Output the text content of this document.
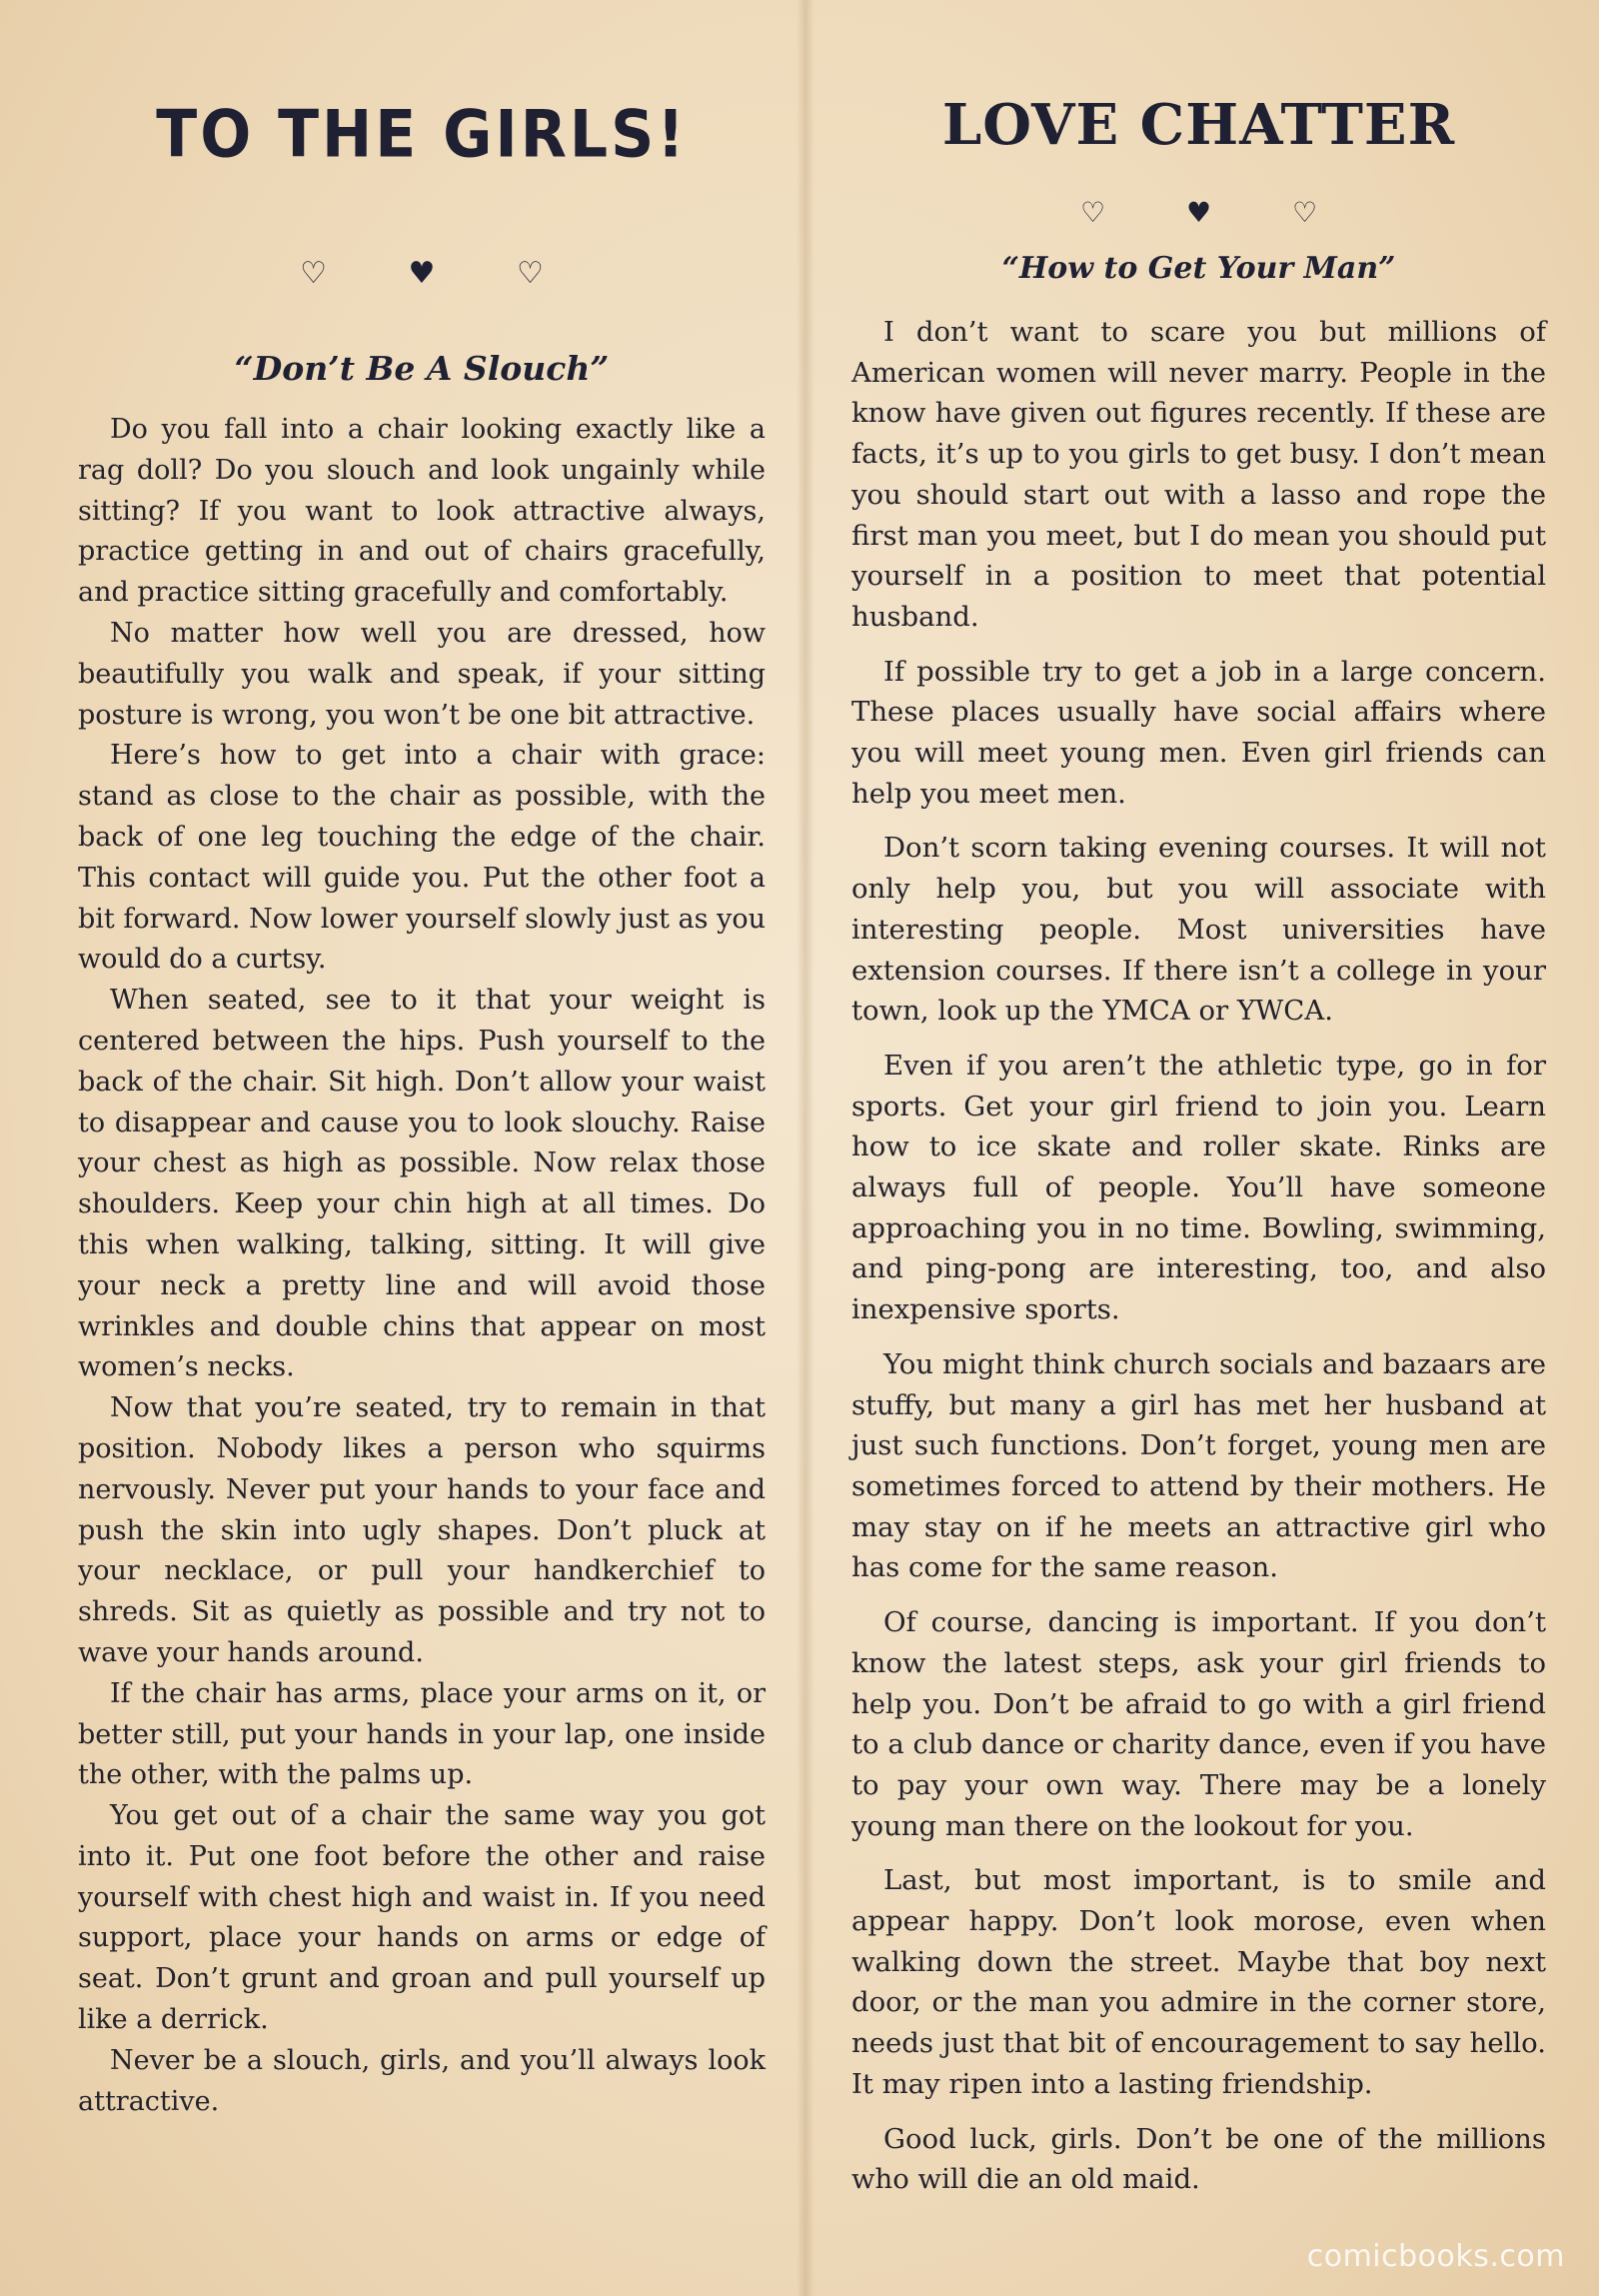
TO THE GIRLS!
♡ ♥ ♡
“Don’t Be A Slouch”

Do you fall into a chair looking exactly like a rag doll? Do you slouch and look ungainly while sitting? If you want to look attractive always, practice getting in and out of chairs gracefully, and practice sitting gracefully and comfortably.

No matter how well you are dressed, how beautifully you walk and speak, if your sitting posture is wrong, you won’t be one bit attractive.

Here’s how to get into a chair with grace: stand as close to the chair as possible, with the back of one leg touching the edge of the chair. This contact will guide you. Put the other foot a bit forward. Now lower yourself slowly just as you would do a curtsy.

When seated, see to it that your weight is centered between the hips. Push yourself to the back of the chair. Sit high. Don’t allow your waist to disappear and cause you to look slouchy. Raise your chest as high as possible. Now relax those shoulders. Keep your chin high at all times. Do this when walking, talking, sitting. It will give your neck a pretty line and will avoid those wrinkles and double chins that appear on most women’s necks.

Now that you’re seated, try to remain in that position. Nobody likes a person who squirms nervously. Never put your hands to your face and push the skin into ugly shapes. Don’t pluck at your necklace, or pull your handkerchief to shreds. Sit as quietly as possible and try not to wave your hands around.

If the chair has arms, place your arms on it, or better still, put your hands in your lap, one inside the other, with the palms up.

You get out of a chair the same way you got into it. Put one foot before the other and raise yourself with chest high and waist in. If you need support, place your hands on arms or edge of seat. Don’t grunt and groan and pull yourself up like a derrick.

Never be a slouch, girls, and you’ll always look attractive.

LOVE CHATTER
♡ ♥ ♡
“How to Get Your Man”

I don’t want to scare you but millions of American women will never marry. People in the know have given out figures recently. If these are facts, it’s up to you girls to get busy. I don’t mean you should start out with a lasso and rope the first man you meet, but I do mean you should put yourself in a position to meet that potential husband.

If possible try to get a job in a large concern. These places usually have social affairs where you will meet young men. Even girl friends can help you meet men.

Don’t scorn taking evening courses. It will not only help you, but you will associate with interesting people. Most universities have extension courses. If there isn’t a college in your town, look up the YMCA or YWCA.

Even if you aren’t the athletic type, go in for sports. Get your girl friend to join you. Learn how to ice skate and roller skate. Rinks are always full of people. You’ll have someone approaching you in no time. Bowling, swimming, and ping-pong are interesting, too, and also inexpensive sports.

You might think church socials and bazaars are stuffy, but many a girl has met her husband at just such functions. Don’t forget, young men are sometimes forced to attend by their mothers. He may stay on if he meets an attractive girl who has come for the same reason.

Of course, dancing is important. If you don’t know the latest steps, ask your girl friends to help you. Don’t be afraid to go with a girl friend to a club dance or charity dance, even if you have to pay your own way. There may be a lonely young man there on the lookout for you.

Last, but most important, is to smile and appear happy. Don’t look morose, even when walking down the street. Maybe that boy next door, or the man you admire in the corner store, needs just that bit of encouragement to say hello. It may ripen into a lasting friendship.

Good luck, girls. Don’t be one of the millions who will die an old maid.

comicbooks.com
